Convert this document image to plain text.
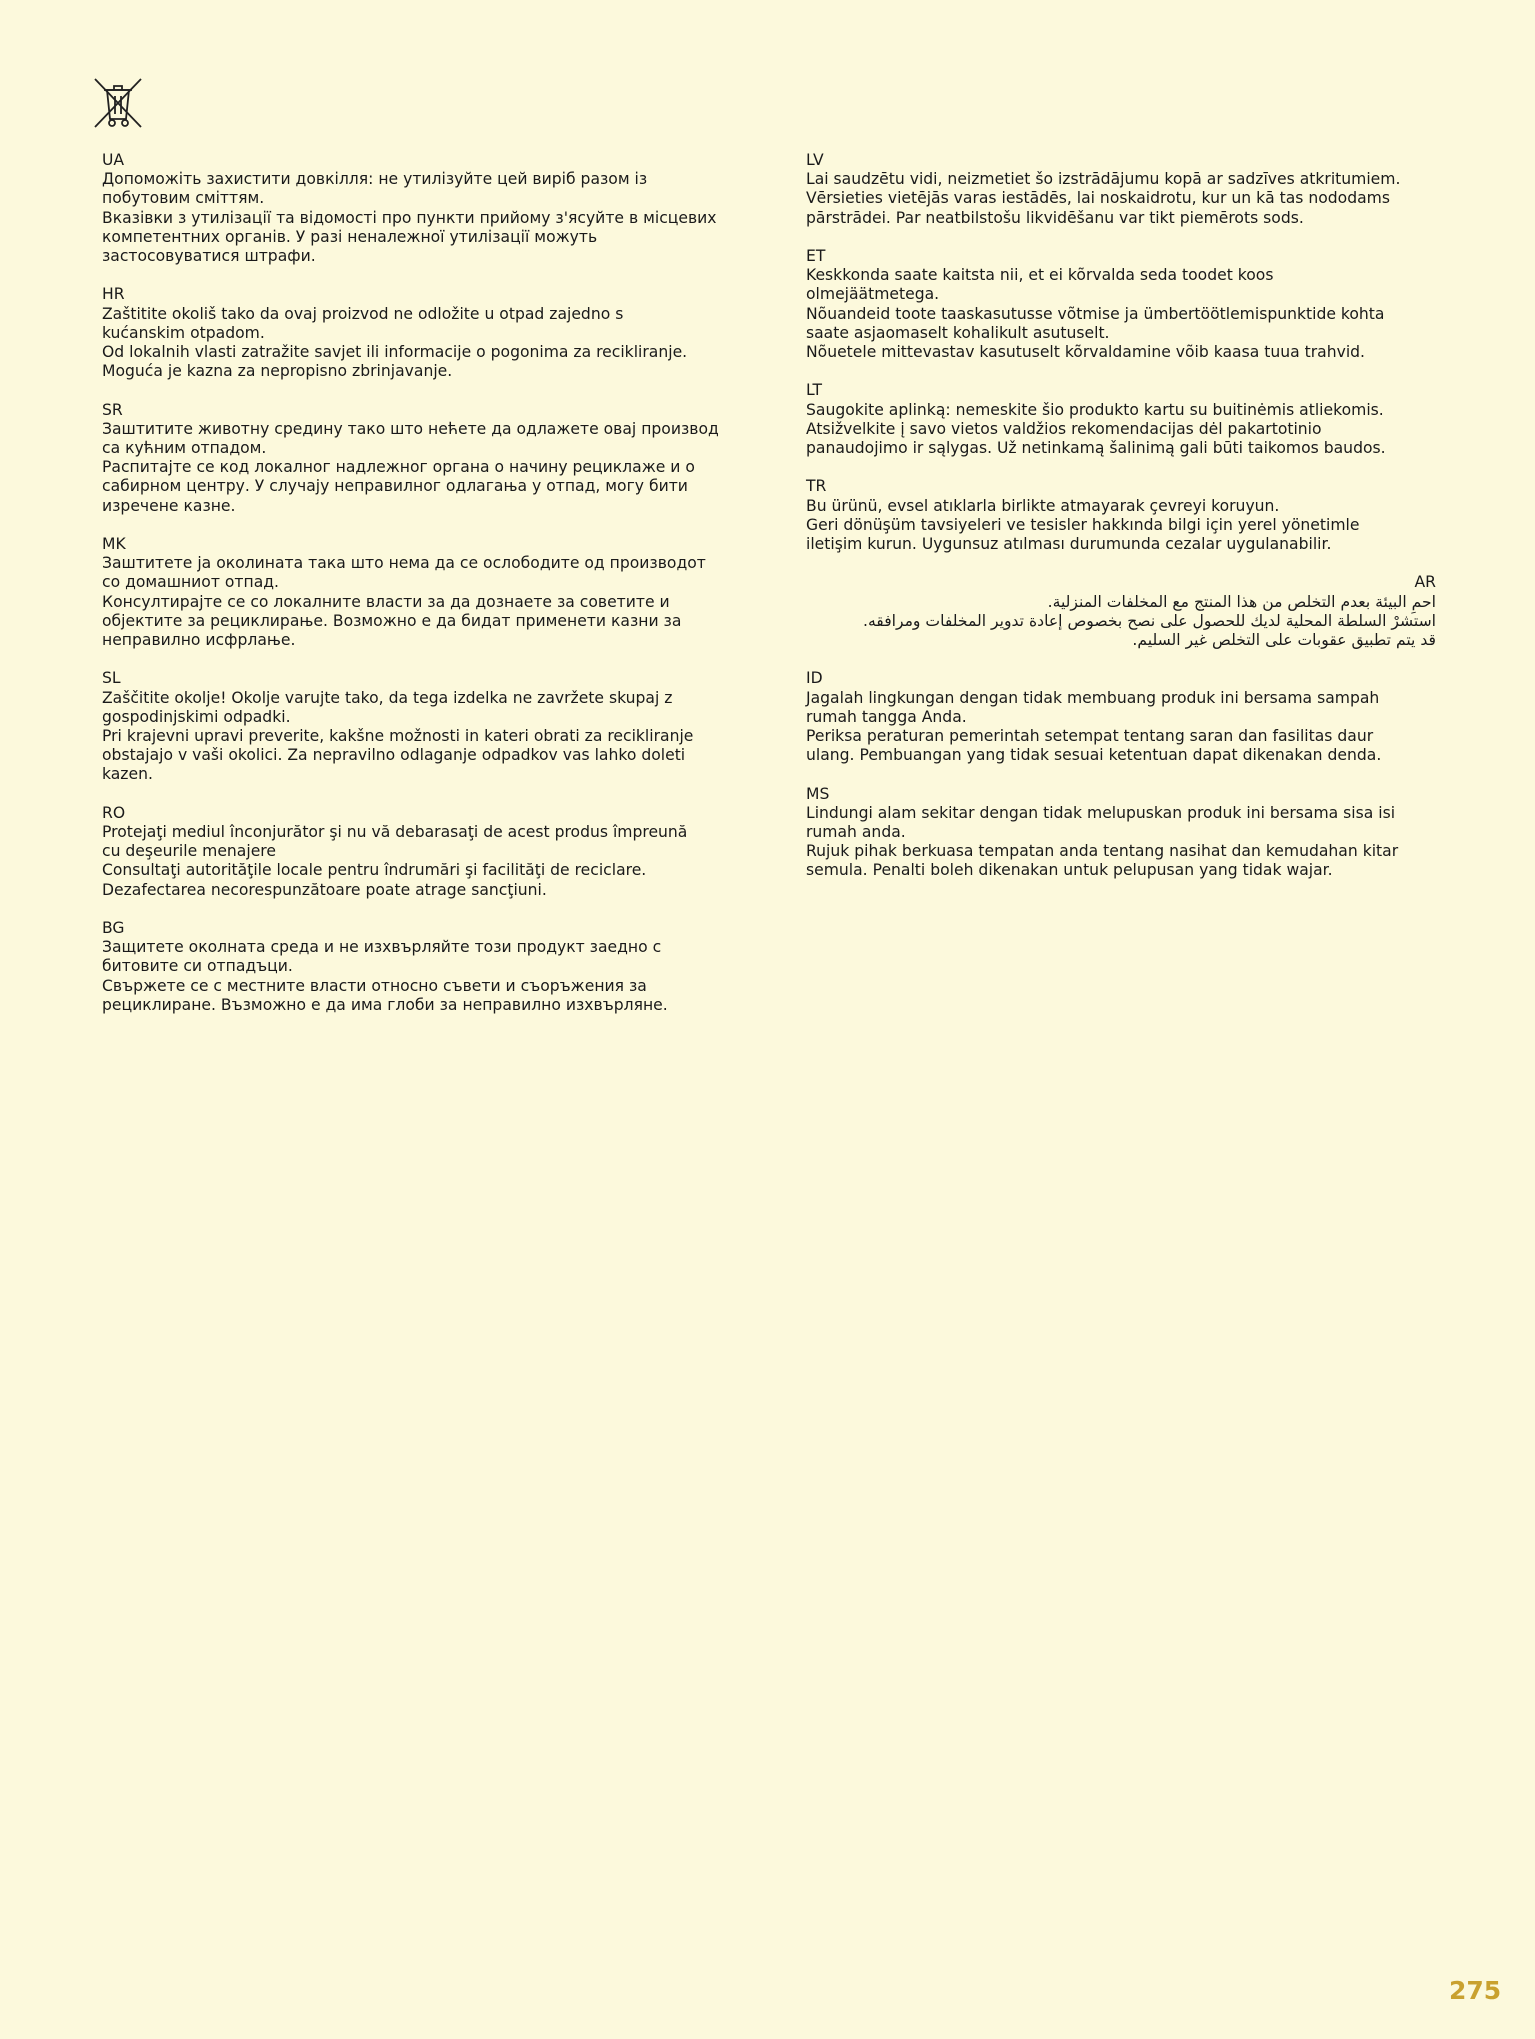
UA
Допоможіть захистити довкілля: не утилізуйте цей виріб разом із
побутовим сміттям.
Вказівки з утилізації та відомості про пункти прийому з'ясуйте в місцевих
компетентних органів. У разі неналежної утилізації можуть
застосовуватися штрафи.
HR
Zaštitite okoliš tako da ovaj proizvod ne odložite u otpad zajedno s
kućanskim otpadom.
Od lokalnih vlasti zatražite savjet ili informacije o pogonima za recikliranje.
Moguća je kazna za nepropisno zbrinjavanje.
SR
Заштитите животну средину тако што нећете да одлажете овај производ
са кућним отпадом.
Распитајте се код локалног надлежног органа о начину рециклаже и о
сабирном центру. У случају неправилног одлагања у отпад, могу бити
изречене казне.
MK
Заштитете ја околината така што нема да се ослободите од производот
со домашниот отпад.
Консултирајте се со локалните власти за да дознаете за советите и
објектите за рециклирање. Возможно е да бидат применети казни за
неправилно исфрлање.
SL
Zaščitite okolje! Okolje varujte tako, da tega izdelka ne zavržete skupaj z
gospodinjskimi odpadki.
Pri krajevni upravi preverite, kakšne možnosti in kateri obrati za recikliranje
obstajajo v vaši okolici. Za nepravilno odlaganje odpadkov vas lahko doleti
kazen.
RO
Protejaţi mediul înconjurător şi nu vă debarasaţi de acest produs împreună
cu deşeurile menajere
Consultaţi autorităţile locale pentru îndrumări şi facilităţi de reciclare.
Dezafectarea necorespunzătoare poate atrage sancţiuni.
BG
Защитете околната среда и не изхвърляйте този продукт заедно с
битовите си отпадъци.
Свържете се с местните власти относно съвети и съоръжения за
рециклиране. Възможно е да има глоби за неправилно изхвърляне.
LV
Lai saudzētu vidi, neizmetiet šo izstrādājumu kopā ar sadzīves atkritumiem.
Vērsieties vietējās varas iestādēs, lai noskaidrotu, kur un kā tas nododams
pārstrādei. Par neatbilstošu likvidēšanu var tikt piemērots sods.
ET
Keskkonda saate kaitsta nii, et ei kõrvalda seda toodet koos
olmejäätmetega.
Nõuandeid toote taaskasutusse võtmise ja ümbertöötlemispunktide kohta
saate asjaomaselt kohalikult asutuselt.
Nõuetele mittevastav kasutuselt kõrvaldamine võib kaasa tuua trahvid.
LT
Saugokite aplinką: nemeskite šio produkto kartu su buitinėmis atliekomis.
Atsižvelkite į savo vietos valdžios rekomendacijas dėl pakartotinio
panaudojimo ir sąlygas. Už netinkamą šalinimą gali būti taikomos baudos.
TR
Bu ürünü, evsel atıklarla birlikte atmayarak çevreyi koruyun.
Geri dönüşüm tavsiyeleri ve tesisler hakkında bilgi için yerel yönetimle
iletişim kurun. Uygunsuz atılması durumunda cezalar uygulanabilir.
AR
احمِ البيئة بعدم التخلص من هذا المنتج مع المخلفات المنزلية.
استشرْ السلطة المحلية لديك للحصول على نصح بخصوص إعادة تدوير المخلفات ومرافقه.
قد يتم تطبيق عقوبات على التخلص غير السليم.
ID
Jagalah lingkungan dengan tidak membuang produk ini bersama sampah
rumah tangga Anda.
Periksa peraturan pemerintah setempat tentang saran dan fasilitas daur
ulang. Pembuangan yang tidak sesuai ketentuan dapat dikenakan denda.
MS
Lindungi alam sekitar dengan tidak melupuskan produk ini bersama sisa isi
rumah anda.
Rujuk pihak berkuasa tempatan anda tentang nasihat dan kemudahan kitar
semula. Penalti boleh dikenakan untuk pelupusan yang tidak wajar.
275
